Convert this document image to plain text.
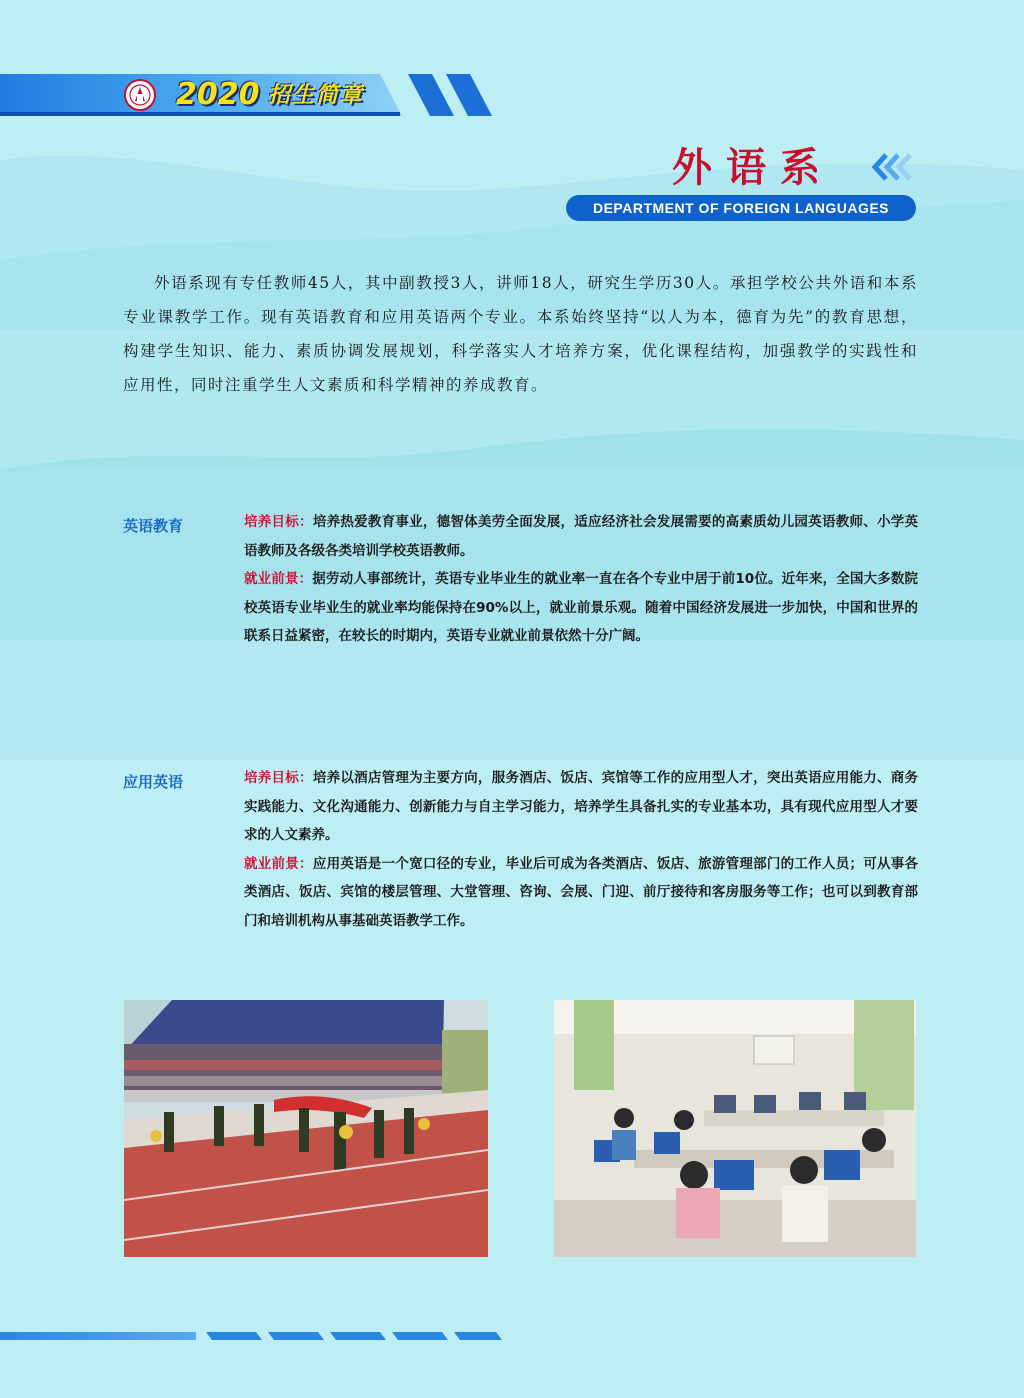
2020 招生简章
外语系
DEPARTMENT OF FOREIGN LANGUAGES

外语系现有专任教师45人，其中副教授3人，讲师18人，研究生学历30人。承担学校公共外语和本系专业课教学工作。现有英语教育和应用英语两个专业。本系始终坚持“以人为本，德育为先”的教育思想，构建学生知识、能力、素质协调发展规划，科学落实人才培养方案，优化课程结构，加强教学的实践性和应用性，同时注重学生人文素质和科学精神的养成教育。

英语教育	培养目标：培养热爱教育事业，德智体美劳全面发展，适应经济社会发展需要的高素质幼儿园英语教师、小学英语教师及各级各类培训学校英语教师。

就业前景：据劳动人事部统计，英语专业毕业生的就业率一直在各个专业中居于前10位。近年来，全国大多数院校英语专业毕业生的就业率均能保持在90%以上，就业前景乐观。随着中国经济发展进一步加快，中国和世界的联系日益紧密，在较长的时期内，英语专业就业前景依然十分广阔。

应用英语	培养目标：培养以酒店管理为主要方向，服务酒店、饭店、宾馆等工作的应用型人才，突出英语应用能力、商务实践能力、文化沟通能力、创新能力与自主学习能力，培养学生具备扎实的专业基本功，具有现代应用型人才要求的人文素养。

就业前景：应用英语是一个宽口径的专业，毕业后可成为各类酒店、饭店、旅游管理部门的工作人员；可从事各类酒店、饭店、宾馆的楼层管理、大堂管理、咨询、会展、门迎、前厅接待和客房服务等工作；也可以到教育部门和培训机构从事基础英语教学工作。
